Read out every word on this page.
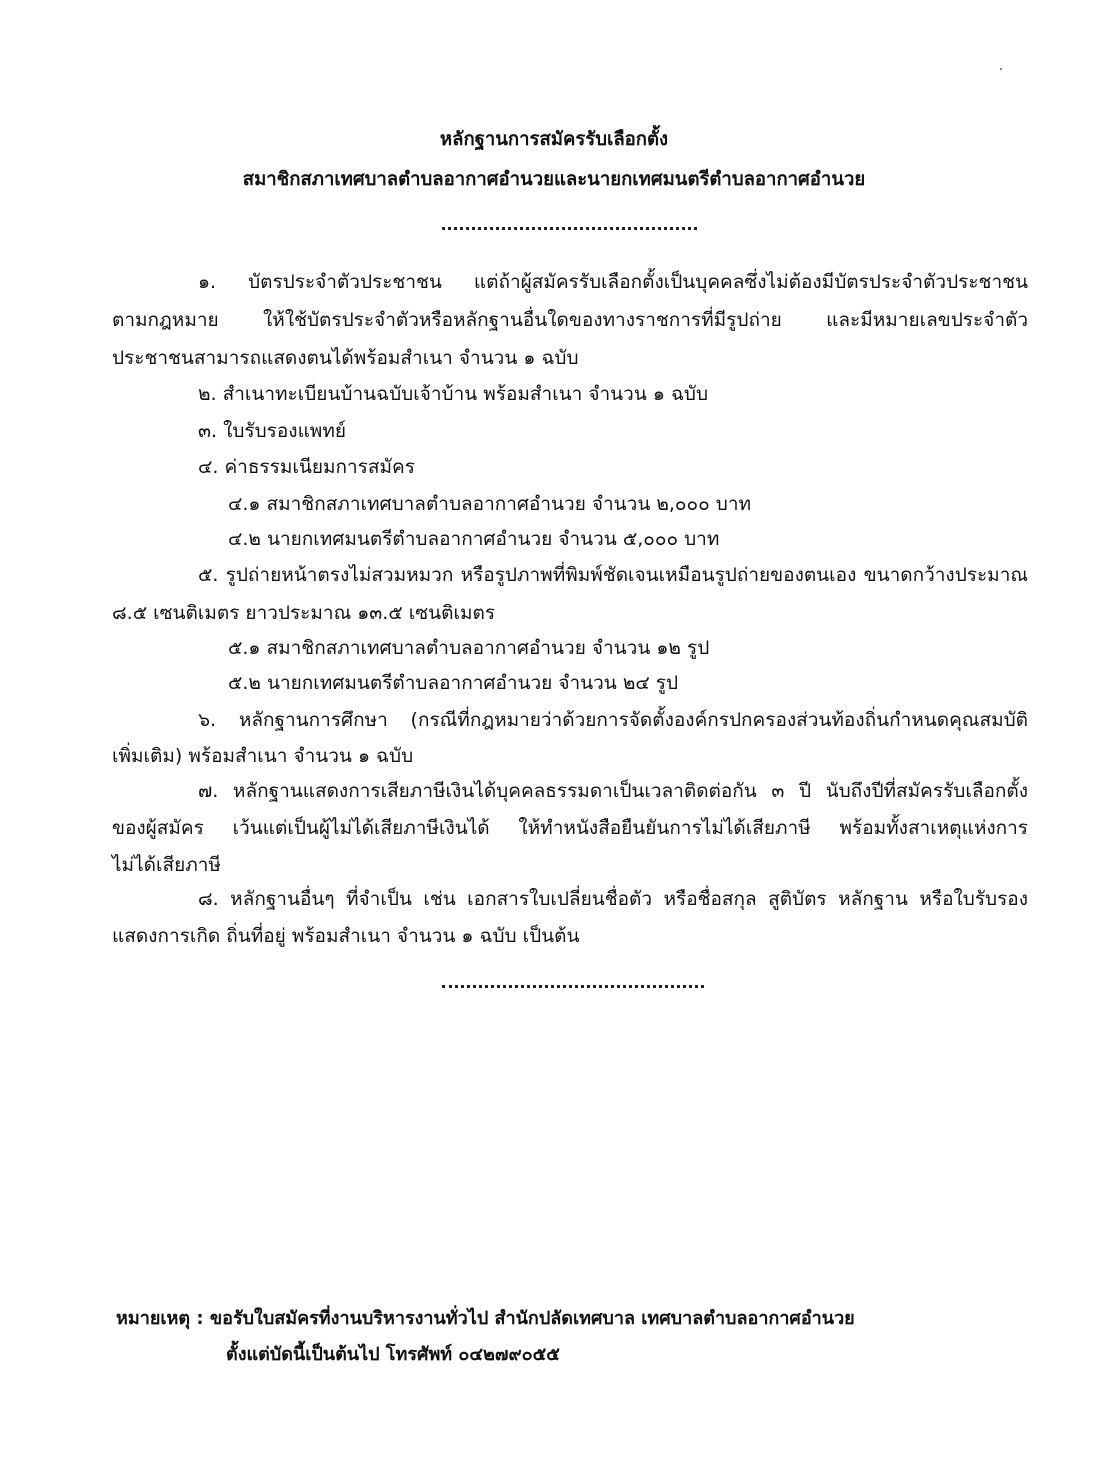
หลักฐานการสมัครรับเลือกตั้ง
สมาชิกสภาเทศบาลตำบลอากาศอำนวยและนายกเทศมนตรีตำบลอากาศอำนวย
๑. บัตรประจำตัวประชาชน แต่ถ้าผู้สมัครรับเลือกตั้งเป็นบุคคลซึ่งไม่ต้องมีบัตรประจำตัวประชาชน
ตามกฎหมาย ให้ใช้บัตรประจำตัวหรือหลักฐานอื่นใดของทางราชการที่มีรูปถ่าย และมีหมายเลขประจำตัว
ประชาชนสามารถแสดงตนได้พร้อมสำเนา จำนวน ๑ ฉบับ
๒. สำเนาทะเบียนบ้านฉบับเจ้าบ้าน พร้อมสำเนา จำนวน ๑ ฉบับ
๓. ใบรับรองแพทย์
๔. ค่าธรรมเนียมการสมัคร
๔.๑ สมาชิกสภาเทศบาลตำบลอากาศอำนวย จำนวน ๒,๐๐๐ บาท
๔.๒ นายกเทศมนตรีตำบลอากาศอำนวย จำนวน ๕,๐๐๐ บาท
๕. รูปถ่ายหน้าตรงไม่สวมหมวก หรือรูปภาพที่พิมพ์ชัดเจนเหมือนรูปถ่ายของตนเอง ขนาดกว้างประมาณ
๘.๕ เซนติเมตร ยาวประมาณ ๑๓.๕ เซนติเมตร
๕.๑ สมาชิกสภาเทศบาลตำบลอากาศอำนวย จำนวน ๑๒ รูป
๕.๒ นายกเทศมนตรีตำบลอากาศอำนวย จำนวน ๒๔ รูป
๖. หลักฐานการศึกษา (กรณีที่กฎหมายว่าด้วยการจัดตั้งองค์กรปกครองส่วนท้องถิ่นกำหนดคุณสมบัติ
เพิ่มเติม) พร้อมสำเนา จำนวน ๑ ฉบับ
๗. หลักฐานแสดงการเสียภาษีเงินได้บุคคลธรรมดาเป็นเวลาติดต่อกัน ๓ ปี นับถึงปีที่สมัครรับเลือกตั้ง
ของผู้สมัคร เว้นแต่เป็นผู้ไม่ได้เสียภาษีเงินได้ ให้ทำหนังสือยืนยันการไม่ได้เสียภาษี พร้อมทั้งสาเหตุแห่งการ
ไม่ได้เสียภาษี
๘. หลักฐานอื่นๆ ที่จำเป็น เช่น เอกสารใบเปลี่ยนชื่อตัว หรือชื่อสกุล สูติบัตร หลักฐาน หรือใบรับรอง
แสดงการเกิด ถิ่นที่อยู่ พร้อมสำเนา จำนวน ๑ ฉบับ เป็นต้น
หมายเหตุ : ขอรับใบสมัครที่งานบริหารงานทั่วไป สำนักปลัดเทศบาล เทศบาลตำบลอากาศอำนวย
ตั้งแต่บัดนี้เป็นต้นไป โทรศัพท์ ๐๔๒๗๙๐๕๕
